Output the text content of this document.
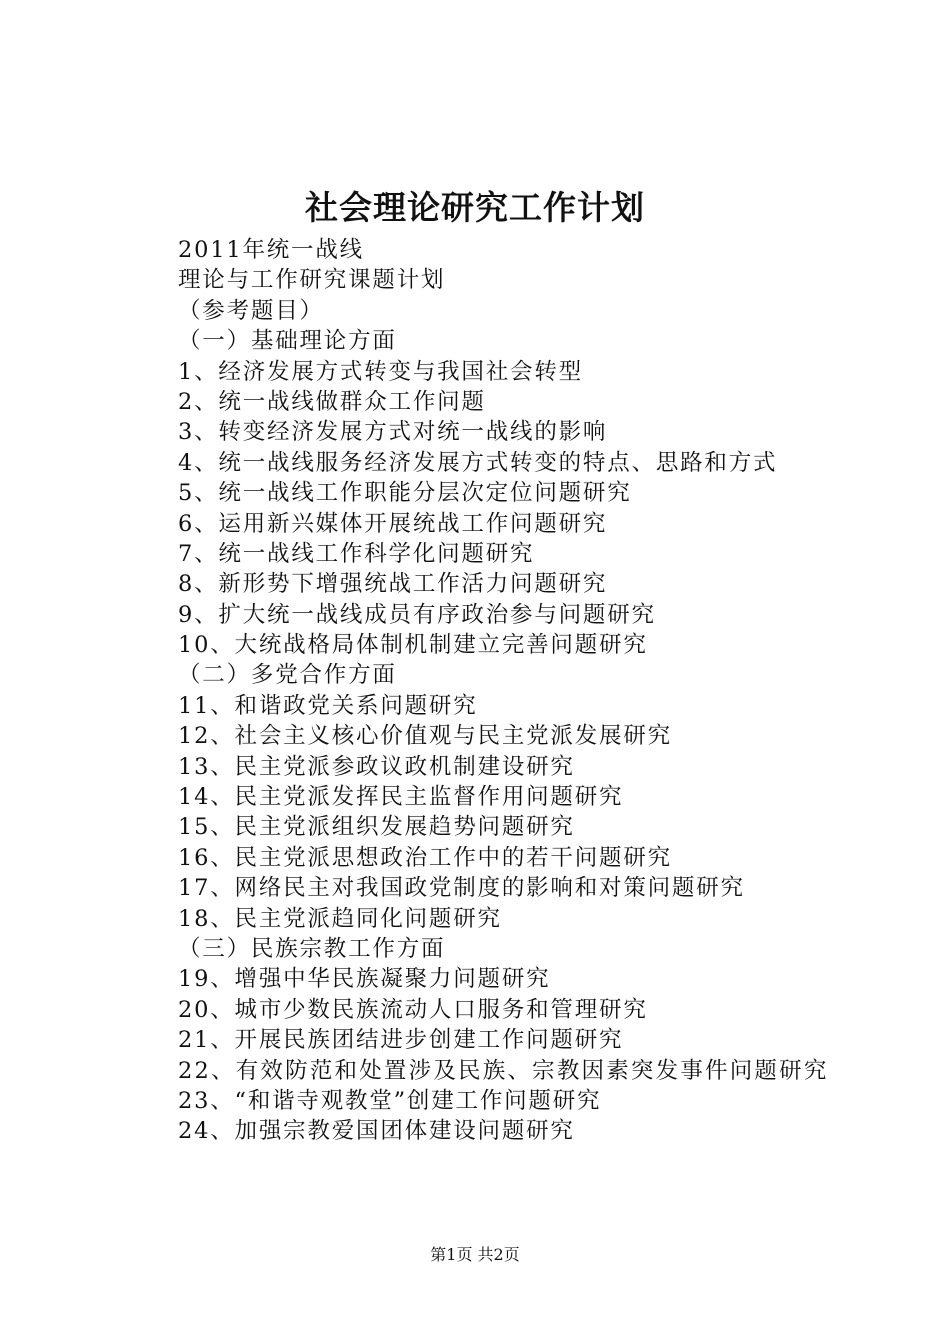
社会理论研究工作计划
2011年统一战线
理论与工作研究课题计划
（参考题目）
（一）基础理论方面
1、经济发展方式转变与我国社会转型
2、统一战线做群众工作问题
3、转变经济发展方式对统一战线的影响
4、统一战线服务经济发展方式转变的特点、思路和方式
5、统一战线工作职能分层次定位问题研究
6、运用新兴媒体开展统战工作问题研究
7、统一战线工作科学化问题研究
8、新形势下增强统战工作活力问题研究
9、扩大统一战线成员有序政治参与问题研究
10、大统战格局体制机制建立完善问题研究
（二）多党合作方面
11、和谐政党关系问题研究
12、社会主义核心价值观与民主党派发展研究
13、民主党派参政议政机制建设研究
14、民主党派发挥民主监督作用问题研究
15、民主党派组织发展趋势问题研究
16、民主党派思想政治工作中的若干问题研究
17、网络民主对我国政党制度的影响和对策问题研究
18、民主党派趋同化问题研究
（三）民族宗教工作方面
19、增强中华民族凝聚力问题研究
20、城市少数民族流动人口服务和管理研究
21、开展民族团结进步创建工作问题研究
22、有效防范和处置涉及民族、宗教因素突发事件问题研究
23、“和谐寺观教堂”创建工作问题研究
24、加强宗教爱国团体建设问题研究
第1页 共2页
